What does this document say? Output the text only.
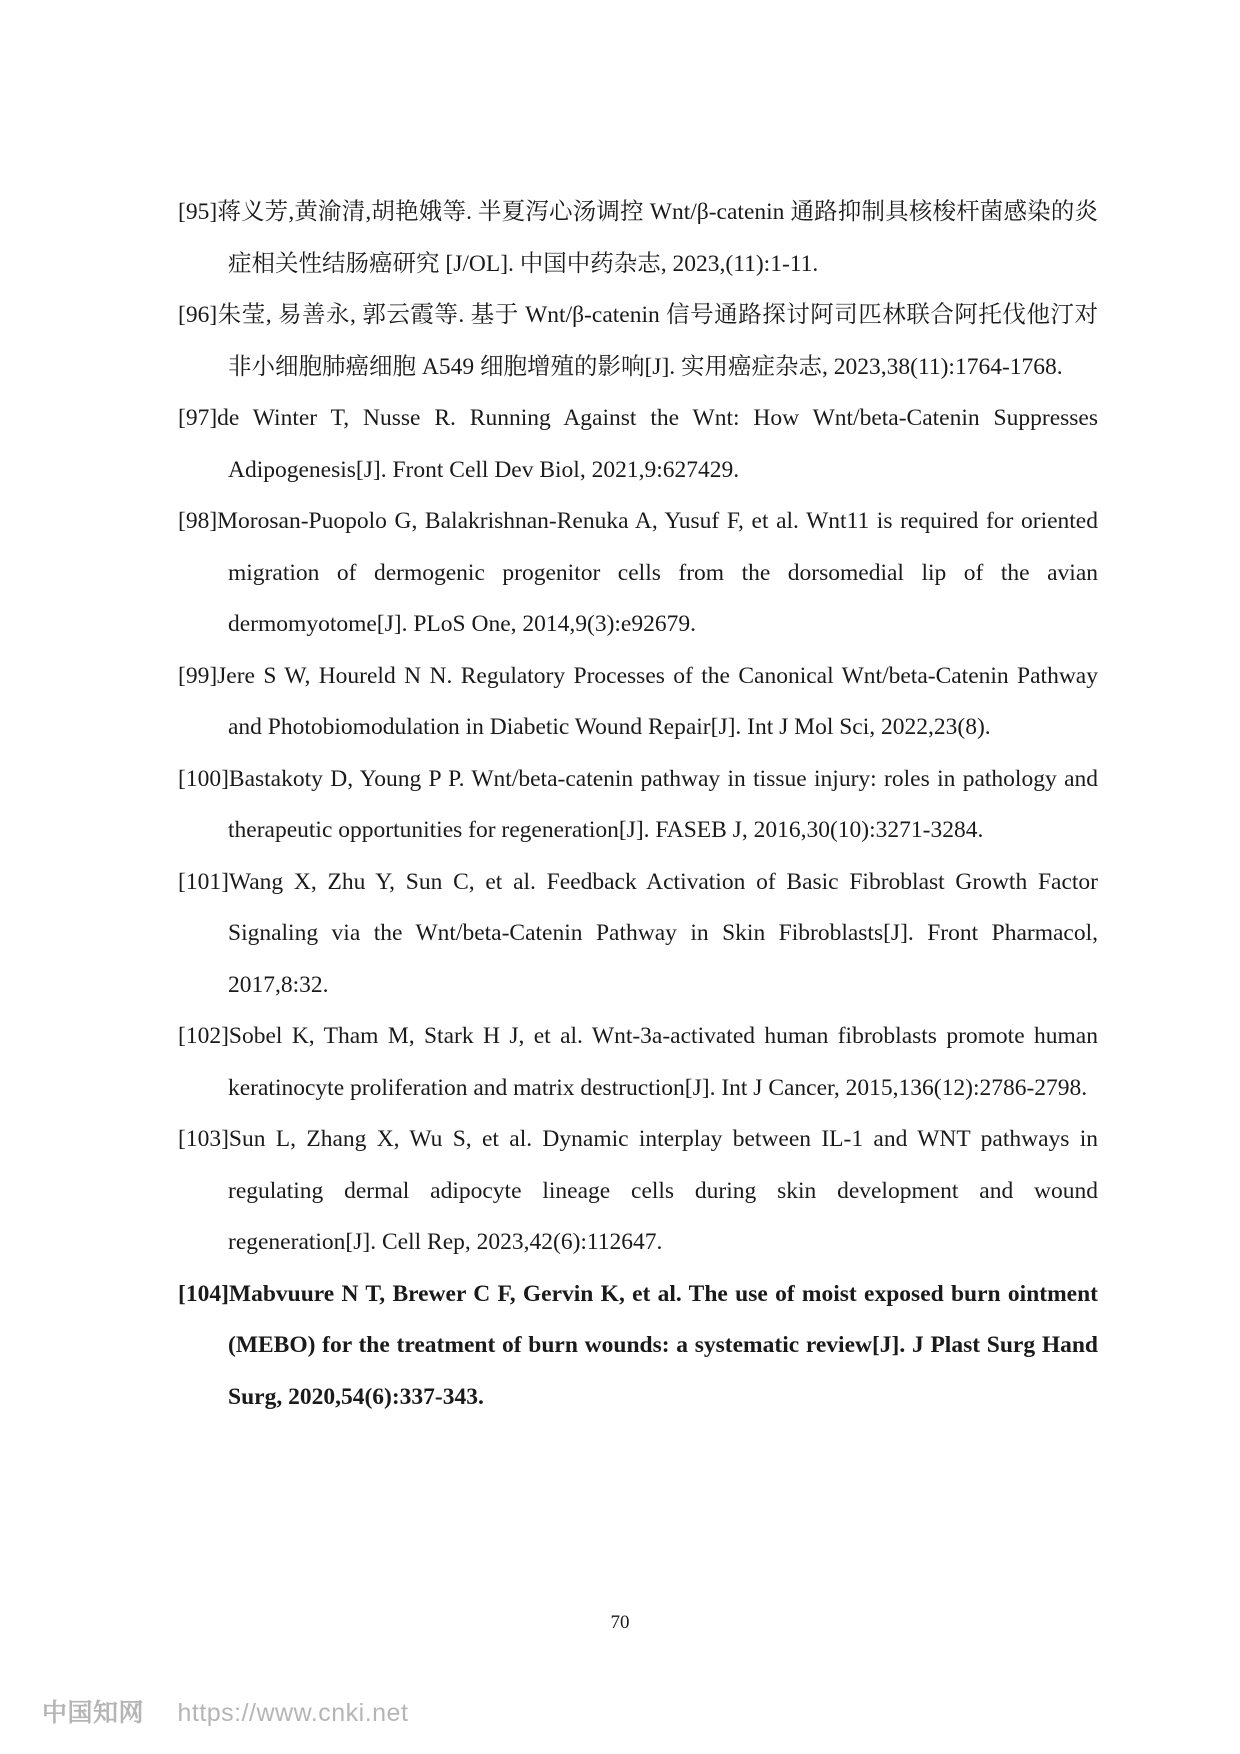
[95]蒋义芳,黄渝清,胡艳娥等. 半夏泻心汤调控 Wnt/β-catenin 通路抑制具核梭杆菌感染的炎症相关性结肠癌研究 [J/OL]. 中国中药杂志, 2023,(11):1-11.
[96]朱莹, 易善永, 郭云霞等. 基于 Wnt/β-catenin 信号通路探讨阿司匹林联合阿托伐他汀对非小细胞肺癌细胞 A549 细胞增殖的影响[J]. 实用癌症杂志, 2023,38(11):1764-1768.
[97]de Winter T, Nusse R. Running Against the Wnt: How Wnt/beta-Catenin Suppresses Adipogenesis[J]. Front Cell Dev Biol, 2021,9:627429.
[98]Morosan-Puopolo G, Balakrishnan-Renuka A, Yusuf F, et al. Wnt11 is required for oriented migration of dermogenic progenitor cells from the dorsomedial lip of the avian dermomyotome[J]. PLoS One, 2014,9(3):e92679.
[99]Jere S W, Houreld N N. Regulatory Processes of the Canonical Wnt/beta-Catenin Pathway and Photobiomodulation in Diabetic Wound Repair[J]. Int J Mol Sci, 2022,23(8).
[100]Bastakoty D, Young P P. Wnt/beta-catenin pathway in tissue injury: roles in pathology and therapeutic opportunities for regeneration[J]. FASEB J, 2016,30(10):3271-3284.
[101]Wang X, Zhu Y, Sun C, et al. Feedback Activation of Basic Fibroblast Growth Factor Signaling via the Wnt/beta-Catenin Pathway in Skin Fibroblasts[J]. Front Pharmacol, 2017,8:32.
[102]Sobel K, Tham M, Stark H J, et al. Wnt-3a-activated human fibroblasts promote human keratinocyte proliferation and matrix destruction[J]. Int J Cancer, 2015,136(12):2786-2798.
[103]Sun L, Zhang X, Wu S, et al. Dynamic interplay between IL-1 and WNT pathways in regulating dermal adipocyte lineage cells during skin development and wound regeneration[J]. Cell Rep, 2023,42(6):112647.
[104]Mabvuure N T, Brewer C F, Gervin K, et al. The use of moist exposed burn ointment (MEBO) for the treatment of burn wounds: a systematic review[J]. J Plast Surg Hand Surg, 2020,54(6):337-343.
70
中国知网 https://www.cnki.net
